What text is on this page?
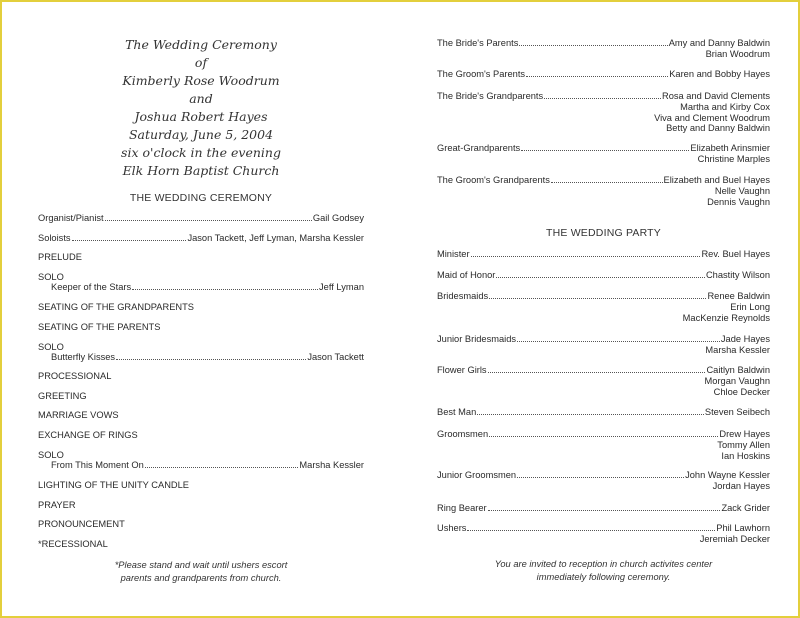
The Wedding Ceremony
of
Kimberly Rose Woodrum
and
Joshua Robert Hayes
Saturday, June 5, 2004
six o'clock in the evening
Elk Horn Baptist Church
THE WEDDING CEREMONY
Organist/Pianist	Gail Godsey
Soloists	Jason Tackett, Jeff Lyman, Marsha Kessler
PRELUDE
SOLO
Keeper of the Stars	Jeff Lyman
SEATING OF THE GRANDPARENTS
SEATING OF THE PARENTS
SOLO
Butterfly Kisses	Jason Tackett
PROCESSIONAL
GREETING
MARRIAGE VOWS
EXCHANGE OF RINGS
SOLO
From This Moment On	Marsha Kessler
LIGHTING OF THE UNITY CANDLE
PRAYER
PRONOUNCEMENT
*RECESSIONAL
*Please stand and wait until ushers escort
parents and grandparents from church.
The Bride's Parents	Amy and Danny Baldwin
Brian Woodrum
The Groom's Parents	Karen and Bobby Hayes
The Bride's Grandparents	Rosa and David Clements
Martha and Kirby Cox
Viva and Clement Woodrum
Betty and Danny Baldwin
Great-Grandparents	Elizabeth Arinsmier
Christine Marples
The Groom's Grandparents	Elizabeth and Buel Hayes
Nelle Vaughn
Dennis Vaughn
THE WEDDING PARTY
Minister	Rev. Buel Hayes
Maid of Honor	Chastity Wilson
Bridesmaids	Renee Baldwin
Erin Long
MacKenzie Reynolds
Junior Bridesmaids	Jade Hayes
Marsha Kessler
Flower Girls	Caitlyn Baldwin
Morgan Vaughn
Chloe Decker
Best Man	Steven Seibech
Groomsmen	Drew Hayes
Tommy Allen
Ian Hoskins
Junior Groomsmen	John Wayne Kessler
Jordan Hayes
Ring Bearer	Zack Grider
Ushers	Phil Lawhorn
Jeremiah Decker
You are invited to reception in church activites center
immediately following ceremony.
